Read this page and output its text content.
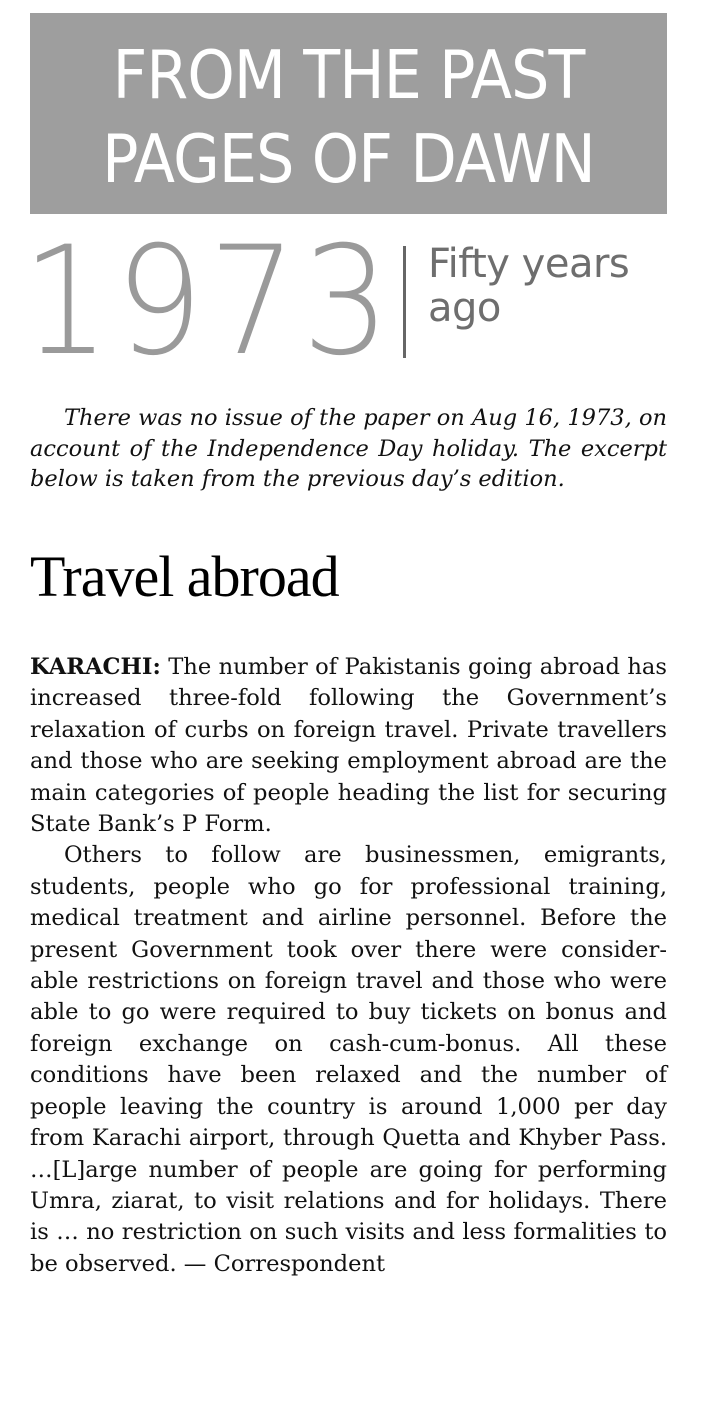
FROM THE PAST
PAGES OF DAWN
1973 Fifty years
ago

There was no issue of the paper on Aug 16, 1973, on account of the Independence Day holiday. The excerpt below is taken from the previous day’s edition.

Travel abroad

KARACHI: The number of Pakistanis going abroad has increased three-fold following the Government’s relaxation of curbs on foreign travel. Private travellers and those who are seeking employment abroad are the main categories of people heading the list for securing State Bank’s P Form.

Others to follow are businessmen, emigrants, students, people who go for professional training, medical treatment and airline personnel. Before the present Government took over there were considerable restrictions on foreign travel and those who were able to go were required to buy tickets on bonus and foreign exchange on cash-cum-bonus. All these conditions have been relaxed and the number of people leaving the country is around 1,000 per day from Karachi airport, through Quetta and Khyber Pass. …[L]arge number of people are going for performing Umra, ziarat, to visit relations and for holidays. There is … no restriction on such visits and less formalities to be observed. — Correspondent
